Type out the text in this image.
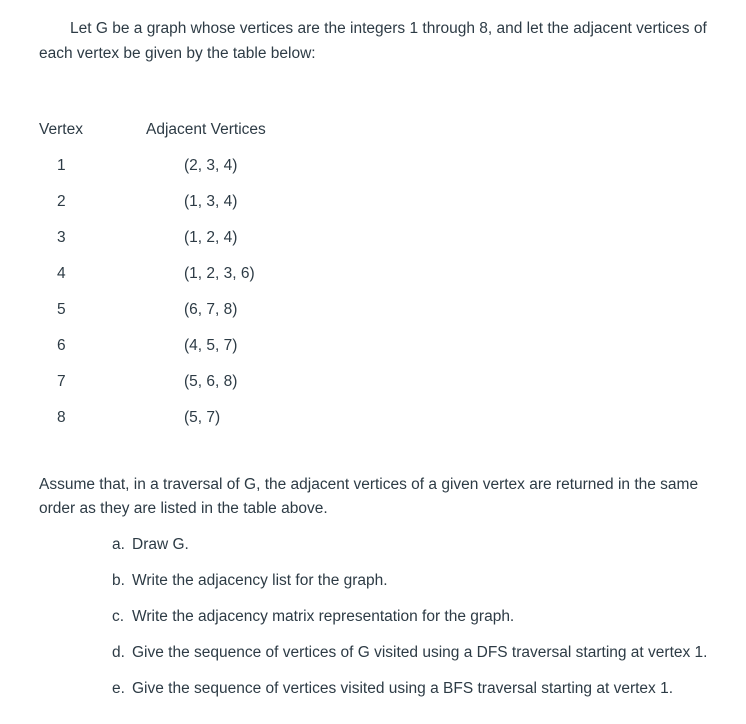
Let G be a graph whose vertices are the integers 1 through 8, and let the adjacent vertices of each vertex be given by the table below:

Vertex	Adjacent Vertices
1	(2, 3, 4)
2	(1, 3, 4)
3	(1, 2, 4)
4	(1, 2, 3, 6)
5	(6, 7, 8)
6	(4, 5, 7)
7	(5, 6, 8)
8	(5, 7)

Assume that, in a traversal of G, the adjacent vertices of a given vertex are returned in the same order as they are listed in the table above.

a. Draw G.
b. Write the adjacency list for the graph.
c. Write the adjacency matrix representation for the graph.
d. Give the sequence of vertices of G visited using a DFS traversal starting at vertex 1.
e. Give the sequence of vertices visited using a BFS traversal starting at vertex 1.
